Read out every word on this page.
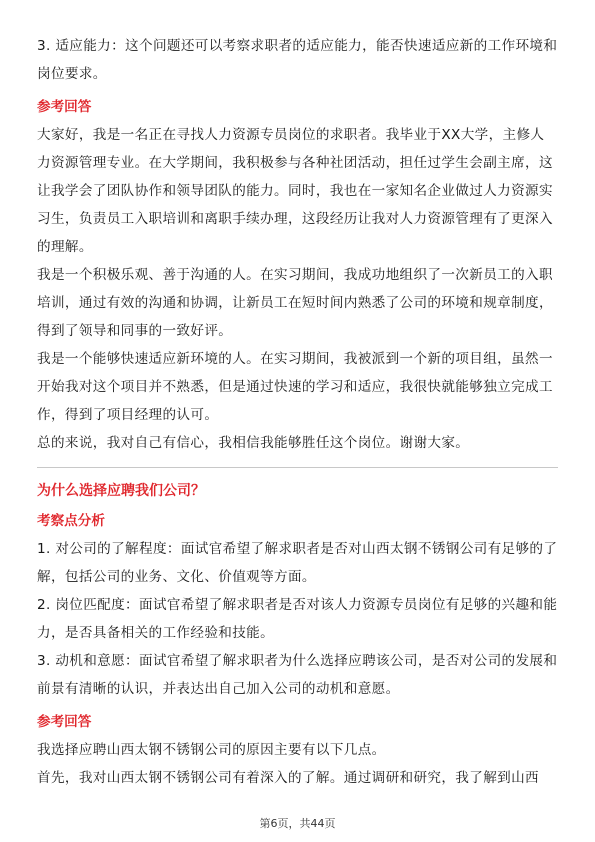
3. 适应能力：这个问题还可以考察求职者的适应能力，能否快速适应新的工作环境和岗位要求。

参考回答

大家好，我是一名正在寻找人力资源专员岗位的求职者。我毕业于XX大学，主修人力资源管理专业。在大学期间，我积极参与各种社团活动，担任过学生会副主席，这让我学会了团队协作和领导团队的能力。同时，我也在一家知名企业做过人力资源实习生，负责员工入职培训和离职手续办理，这段经历让我对人力资源管理有了更深入的理解。

我是一个积极乐观、善于沟通的人。在实习期间，我成功地组织了一次新员工的入职培训，通过有效的沟通和协调，让新员工在短时间内熟悉了公司的环境和规章制度，得到了领导和同事的一致好评。

我是一个能够快速适应新环境的人。在实习期间，我被派到一个新的项目组，虽然一开始我对这个项目并不熟悉，但是通过快速的学习和适应，我很快就能够独立完成工作，得到了项目经理的认可。

总的来说，我对自己有信心，我相信我能够胜任这个岗位。谢谢大家。

为什么选择应聘我们公司？

考察点分析

1. 对公司的了解程度：面试官希望了解求职者是否对山西太钢不锈钢公司有足够的了解，包括公司的业务、文化、价值观等方面。

2. 岗位匹配度：面试官希望了解求职者是否对该人力资源专员岗位有足够的兴趣和能力，是否具备相关的工作经验和技能。

3. 动机和意愿：面试官希望了解求职者为什么选择应聘该公司，是否对公司的发展和前景有清晰的认识，并表达出自己加入公司的动机和意愿。

参考回答

我选择应聘山西太钢不锈钢公司的原因主要有以下几点。

首先，我对山西太钢不锈钢公司有着深入的了解。通过调研和研究，我了解到山西

第6页，共44页
